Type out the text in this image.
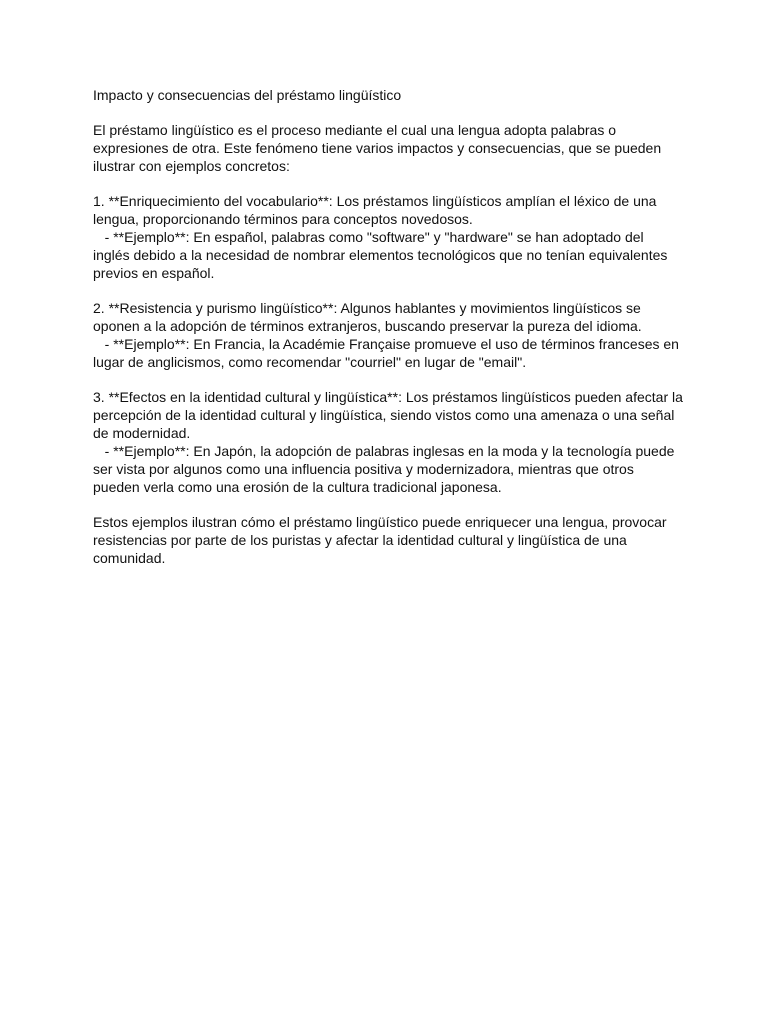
Impacto y consecuencias del préstamo lingüístico

El préstamo lingüístico es el proceso mediante el cual una lengua adopta palabras o expresiones de otra. Este fenómeno tiene varios impactos y consecuencias, que se pueden ilustrar con ejemplos concretos:

1. **Enriquecimiento del vocabulario**: Los préstamos lingüísticos amplían el léxico de una lengua, proporcionando términos para conceptos novedosos.

- **Ejemplo**: En español, palabras como "software" y "hardware" se han adoptado del inglés debido a la necesidad de nombrar elementos tecnológicos que no tenían equivalentes previos en español.

2. **Resistencia y purismo lingüístico**: Algunos hablantes y movimientos lingüísticos se oponen a la adopción de términos extranjeros, buscando preservar la pureza del idioma.

- **Ejemplo**: En Francia, la Académie Française promueve el uso de términos franceses en lugar de anglicismos, como recomendar "courriel" en lugar de "email".

3. **Efectos en la identidad cultural y lingüística**: Los préstamos lingüísticos pueden afectar la percepción de la identidad cultural y lingüística, siendo vistos como una amenaza o una señal de modernidad.

- **Ejemplo**: En Japón, la adopción de palabras inglesas en la moda y la tecnología puede ser vista por algunos como una influencia positiva y modernizadora, mientras que otros pueden verla como una erosión de la cultura tradicional japonesa.

Estos ejemplos ilustran cómo el préstamo lingüístico puede enriquecer una lengua, provocar resistencias por parte de los puristas y afectar la identidad cultural y lingüística de una comunidad.
